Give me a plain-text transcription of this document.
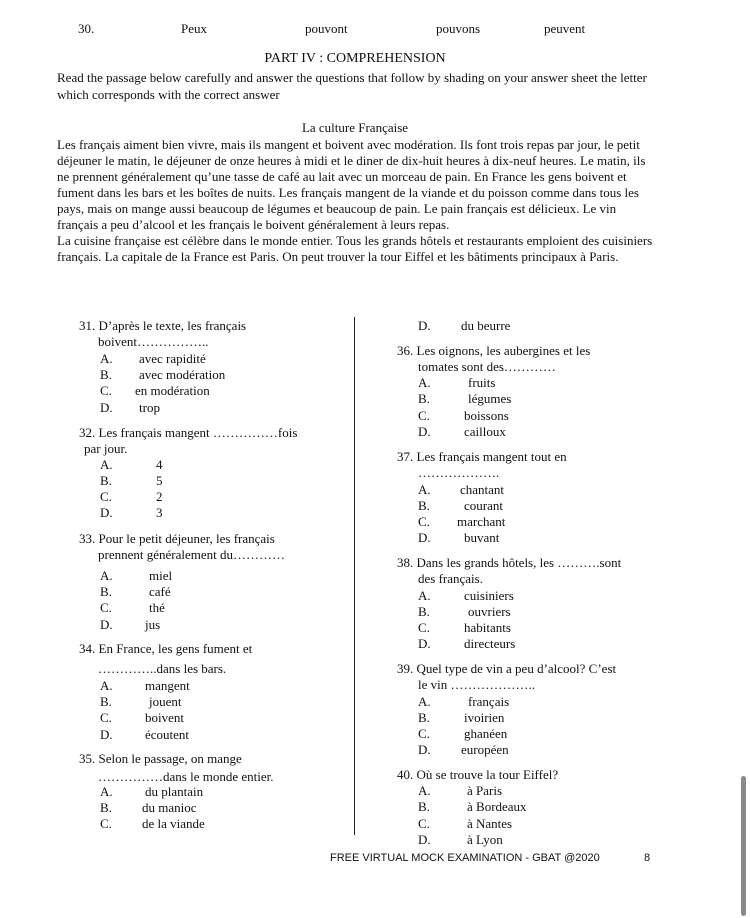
30.	Peux	pouvont	pouvons	peuvent
PART IV : COMPREHENSION
Read the passage below carefully and answer the questions that follow by shading on your answer sheet the letter which corresponds with the correct answer
La culture Française

Les français aiment bien vivre, mais ils mangent et boivent avec modération. Ils font trois repas par jour, le petit déjeuner le matin, le déjeuner de onze heures à midi et le diner de dix-huit heures à dix-neuf heures. Le matin, ils ne prennent généralement qu’une tasse de café au lait avec un morceau de pain. En France les gens boivent et fument dans les bars et les boîtes de nuits. Les français mangent de la viande et du poisson comme dans tous les pays, mais on mange aussi beaucoup de légumes et beaucoup de pain. Le pain français est délicieux. Le vin français a peu d’alcool et les français le boivent généralement à leurs repas.

La cuisine française est célèbre dans le monde entier. Tous les grands hôtels et restaurants emploient des cuisiniers français. La capitale de la France est Paris. On peut trouver la tour Eiffel et les bâtiments principaux à Paris.

31. D’après le texte, les français
boivent……………..
A. avec rapidité
B. avec modération
C. en modération
D. trop
32. Les français mangent ……………fois
par jour.
A.	4
B.	5
C.	2
D.	3
33. Pour le petit déjeuner, les français
prennent généralement du…………
A.	miel
B.	café
C.	thé
D. jus
34. En France, les gens fument et
…………..dans les bars.
A. mangent
B.	jouent
C.	boivent
D. écoutent
35. Selon le passage, on mange
……………dans le monde entier.
A. du plantain
B. du manioc
C. de la viande
D. du beurre
36. Les oignons, les aubergines et les
tomates sont des…………
A.	fruits
B.	légumes
C.	boissons
D.	cailloux
37. Les français mangent tout en
……………….
A. chantant
B.	courant
C. marchant
D.	buvant
38. Dans les grands hôtels, les ……….sont
des français.
A.	cuisiniers
B.	ouvriers
C.	habitants
D.	directeurs
39. Quel type de vin a peu d’alcool? C’est
le vin ………………..
A.	français
B.	ivoirien
C.	ghanéen
D. européen
40. Où se trouve la tour Eiffel?
A.	à Paris
B.	à Bordeaux
C.	à Nantes
D.	à Lyon
FREE VIRTUAL MOCK EXAMINATION - GBAT @2020	8
